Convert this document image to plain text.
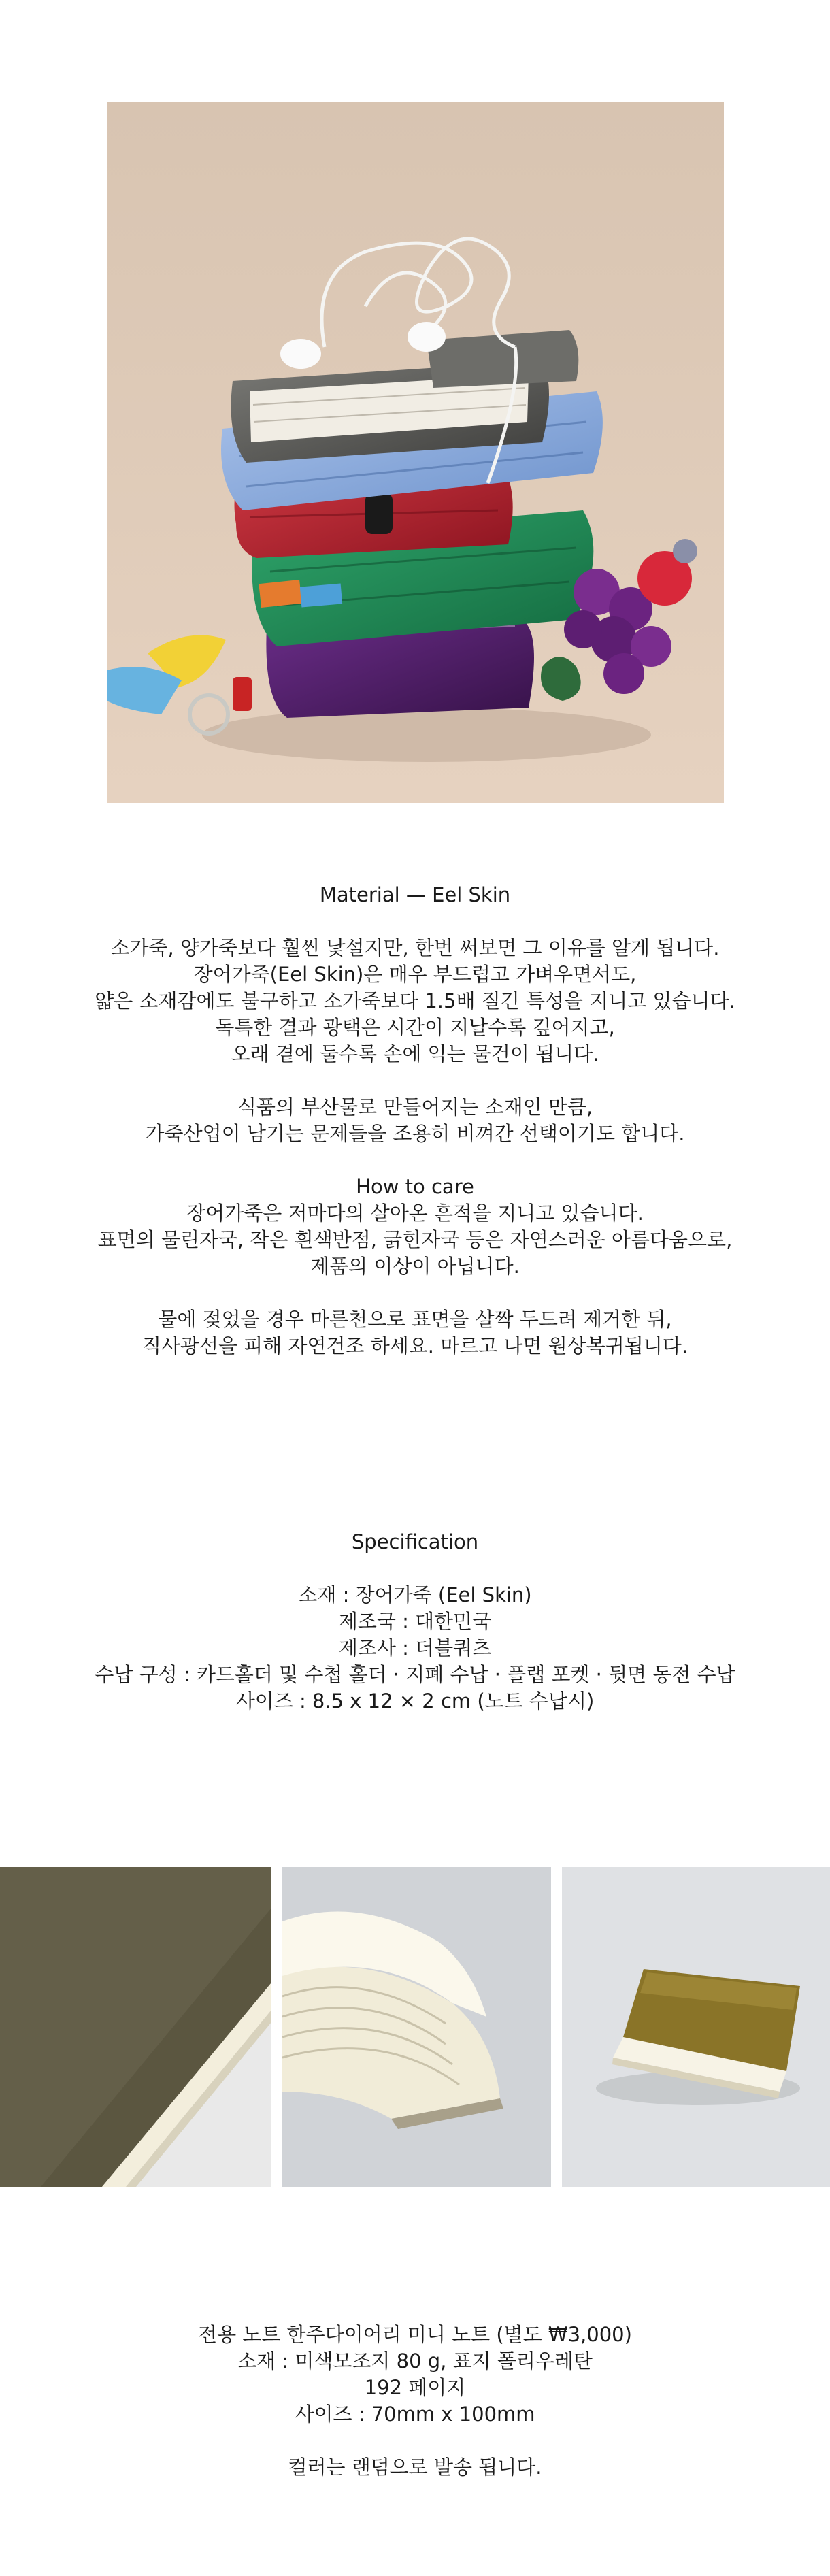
Material — Eel Skin

소가죽, 양가죽보다 훨씬 낯설지만, 한번 써보면 그 이유를 알게 됩니다.

장어가죽(Eel Skin)은 매우 부드럽고 가벼우면서도,

얇은 소재감에도 불구하고 소가죽보다 1.5배 질긴 특성을 지니고 있습니다.

독특한 결과 광택은 시간이 지날수록 깊어지고,

오래 곁에 둘수록 손에 익는 물건이 됩니다.

식품의 부산물로 만들어지는 소재인 만큼,

가죽산업이 남기는 문제들을 조용히 비껴간 선택이기도 합니다.

How to care

장어가죽은 저마다의 살아온 흔적을 지니고 있습니다.

표면의 물린자국, 작은 흰색반점, 긁힌자국 등은 자연스러운 아름다움으로,

제품의 이상이 아닙니다.

물에 젖었을 경우 마른천으로 표면을 살짝 두드려 제거한 뒤,

직사광선을 피해 자연건조 하세요. 마르고 나면 원상복귀됩니다.

Specification

소재 : 장어가죽 (Eel Skin)

제조국 : 대한민국

제조사 : 더블쿼츠

수납 구성 : 카드홀더 및 수첩 홀더 · 지폐 수납 · 플랩 포켓 · 뒷면 동전 수납

사이즈 : 8.5 x 12 × 2 cm (노트 수납시)

전용 노트 한주다이어리 미니 노트 (별도 ₩3,000)

소재 : 미색모조지 80 g, 표지 폴리우레탄

192 페이지

사이즈 : 70mm x 100mm

컬러는 랜덤으로 발송 됩니다.
